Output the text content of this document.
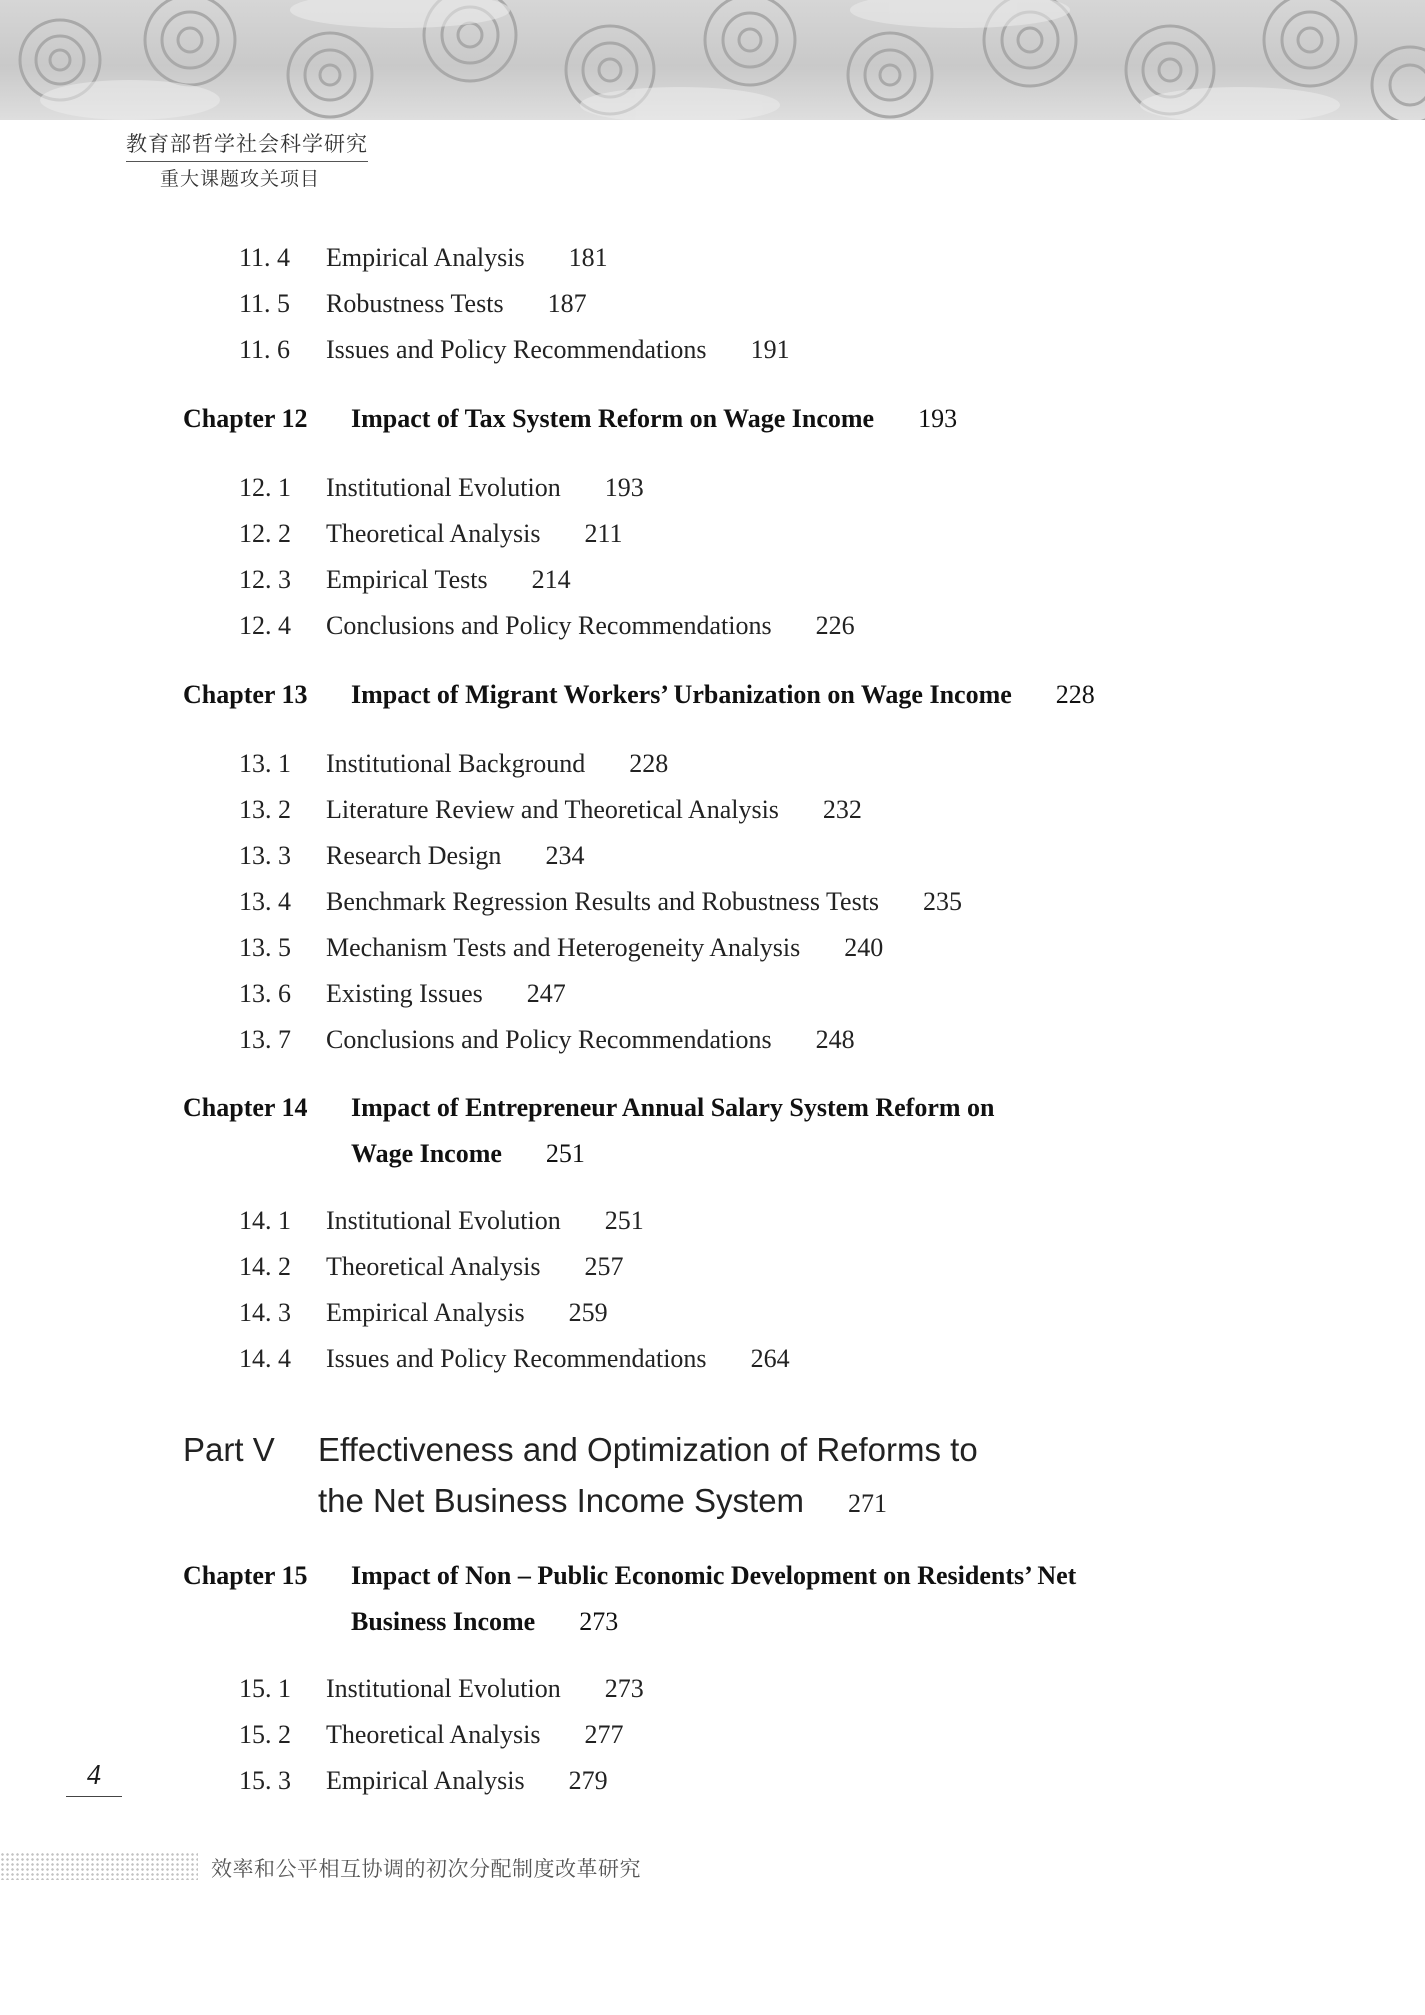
教育部哲学社会科学研究
重大课题攻关项目
11. 4 Empirical Analysis 181
11. 5 Robustness Tests 187
11. 6 Issues and Policy Recommendations 191
Chapter 12 Impact of Tax System Reform on Wage Income 193
12. 1 Institutional Evolution 193
12. 2 Theoretical Analysis 211
12. 3 Empirical Tests 214
12. 4 Conclusions and Policy Recommendations 226
Chapter 13 Impact of Migrant Workers’ Urbanization on Wage Income 228
13. 1 Institutional Background 228
13. 2 Literature Review and Theoretical Analysis 232
13. 3 Research Design 234
13. 4 Benchmark Regression Results and Robustness Tests 235
13. 5 Mechanism Tests and Heterogeneity Analysis 240
13. 6 Existing Issues 247
13. 7 Conclusions and Policy Recommendations 248
Chapter 14 Impact of Entrepreneur Annual Salary System Reform on
Wage Income 251
14. 1 Institutional Evolution 251
14. 2 Theoretical Analysis 257
14. 3 Empirical Analysis 259
14. 4 Issues and Policy Recommendations 264
Part V Effectiveness and Optimization of Reforms to
the Net Business Income System 271
Chapter 15 Impact of Non – Public Economic Development on Residents’ Net
Business Income 273
15. 1 Institutional Evolution 273
15. 2 Theoretical Analysis 277
15. 3 Empirical Analysis 279
4
效率和公平相互协调的初次分配制度改革研究
